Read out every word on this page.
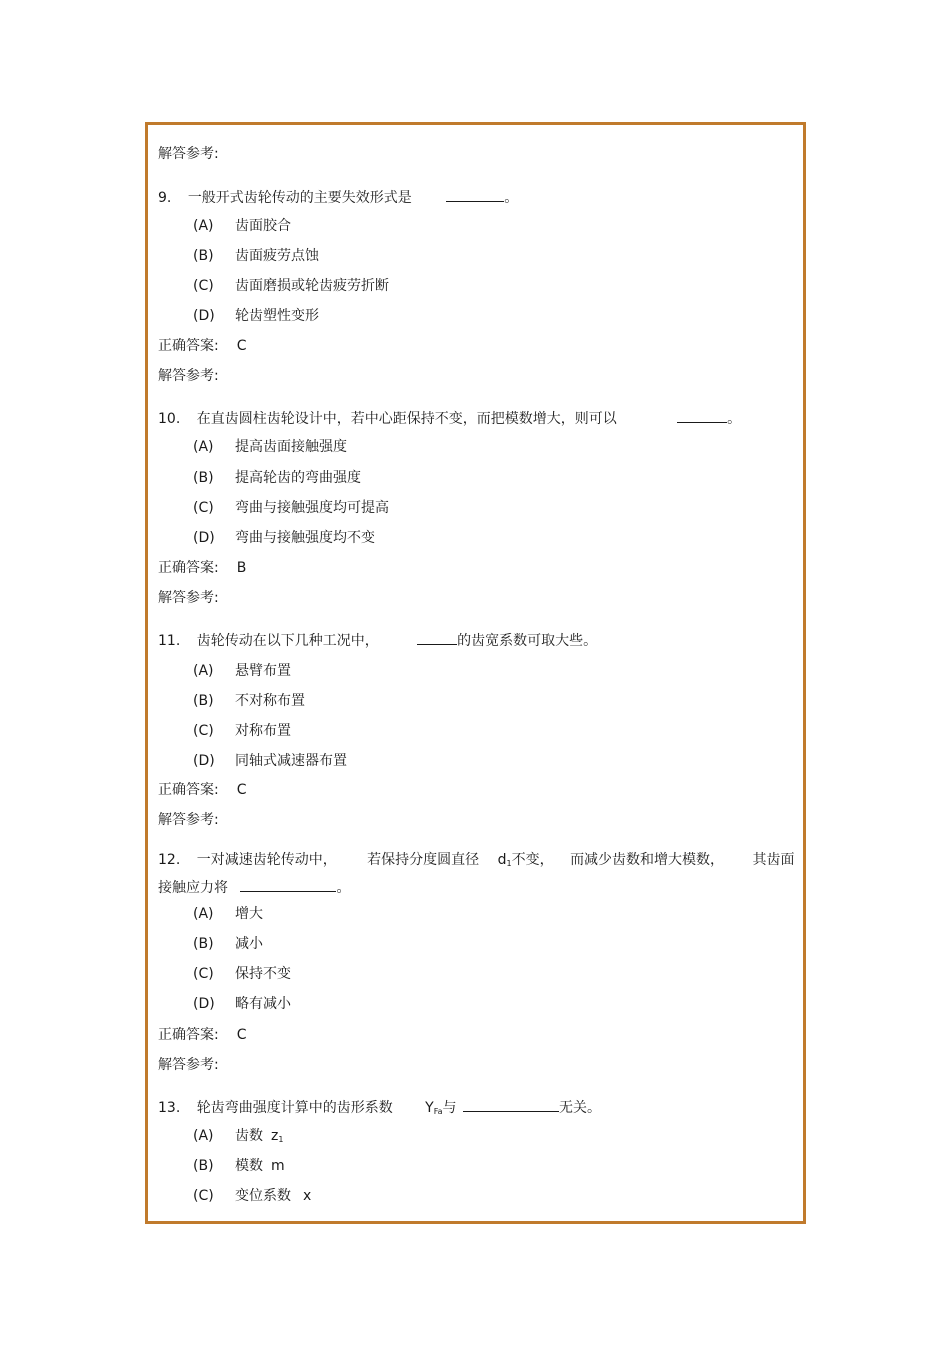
解答参考:
9. 一般开式齿轮传动的主要失效形式是	。
(A) 齿面胶合
(B) 齿面疲劳点蚀
(C) 齿面磨损或轮齿疲劳折断
(D) 轮齿塑性变形
正确答案: C
解答参考:
10. 在直齿圆柱齿轮设计中，若中心距保持不变，而把模数增大，则可以	。
(A) 提高齿面接触强度
(B) 提高轮齿的弯曲强度
(C) 弯曲与接触强度均可提高
(D) 弯曲与接触强度均不变
正确答案: B
解答参考:
11. 齿轮传动在以下几种工况中，	的齿宽系数可取大些。
(A) 悬臂布置
(B) 不对称布置
(C) 对称布置
(D) 同轴式减速器布置
正确答案: C
解答参考:
12. 一对减速齿轮传动中， 若保持分度圆直径 $d_1$不变， 而减少齿数和增大模数， 其齿面
接触应力将	。
(A) 增大
(B) 减小
(C) 保持不变
(D) 略有减小
正确答案: C
解答参考:
13. 轮齿弯曲强度计算中的齿形系数 $Y_{Fa}$与	无关。
(A) 齿数 $z_1$
(B) 模数 m
(C) 变位系数 x
